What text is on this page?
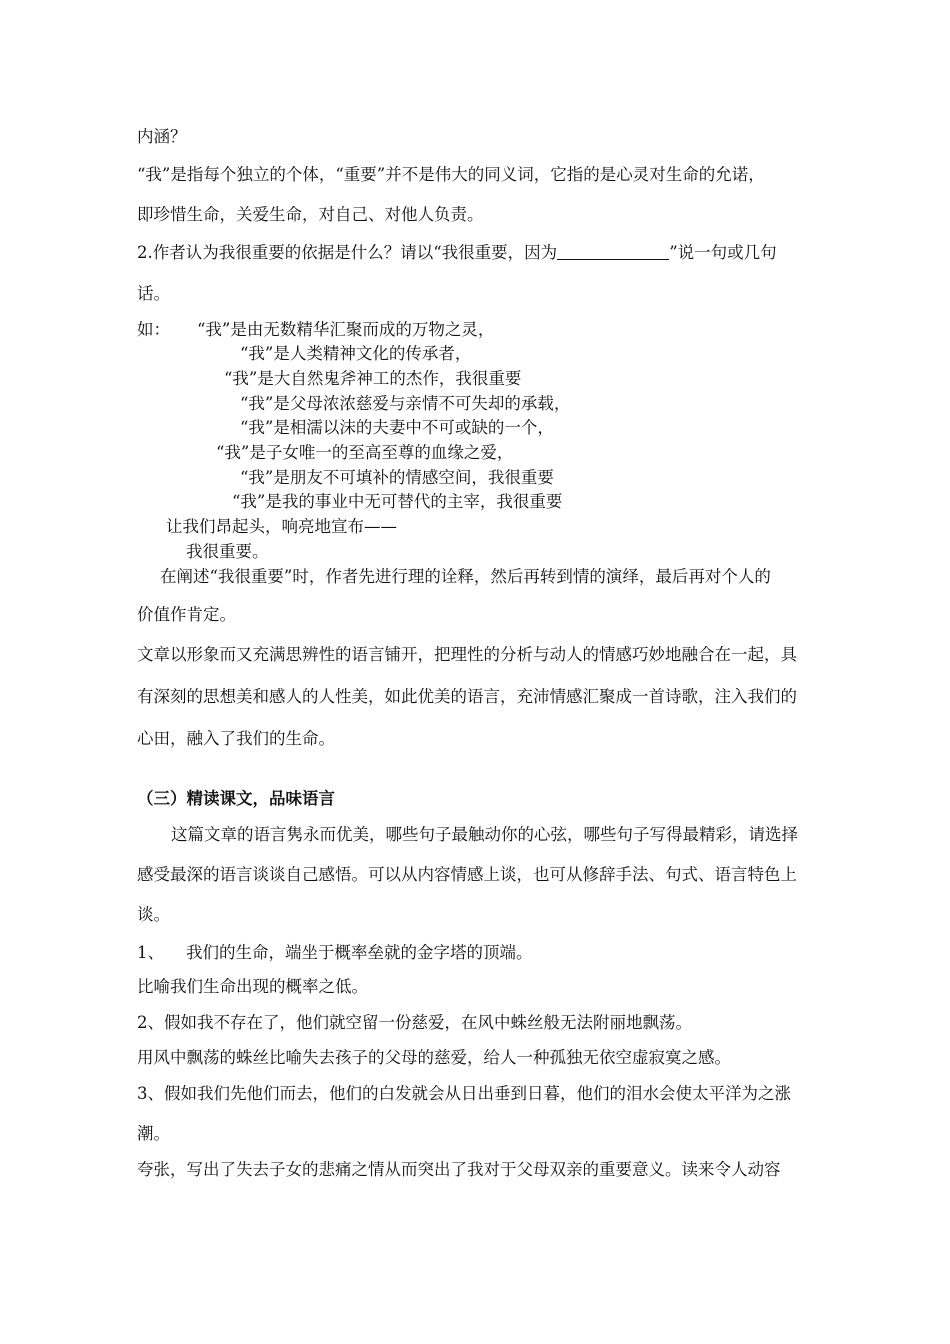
内涵？
“我”是指每个独立的个体，“重要”并不是伟大的同义词，它指的是心灵对生命的允诺，
即珍惜生命，关爱生命，对自己、对他人负责。
2.作者认为我很重要的依据是什么？请以“我很重要，因为	”说一句或几句
话。
如： “我”是由无数精华汇聚而成的万物之灵，
“我”是人类精神文化的传承者，
“我”是大自然鬼斧神工的杰作，我很重要
“我”是父母浓浓慈爱与亲情不可失却的承载，
“我”是相濡以沫的夫妻中不可或缺的一个，
“我”是子女唯一的至高至尊的血缘之爱，
“我”是朋友不可填补的情感空间，我很重要
“我”是我的事业中无可替代的主宰，我很重要
让我们昂起头，响亮地宣布——
我很重要。
在阐述“我很重要”时，作者先进行理的诠释，然后再转到情的演绎，最后再对个人的
价值作肯定。
文章以形象而又充满思辨性的语言铺开，把理性的分析与动人的情感巧妙地融合在一起，具
有深刻的思想美和感人的人性美，如此优美的语言，充沛情感汇聚成一首诗歌，注入我们的
心田，融入了我们的生命。
（三）精读课文，品味语言
这篇文章的语言隽永而优美，哪些句子最触动你的心弦，哪些句子写得最精彩，请选择
感受最深的语言谈谈自己感悟。可以从内容情感上谈，也可从修辞手法、句式、语言特色上
谈。
1、 我们的生命，端坐于概率垒就的金字塔的顶端。
比喻我们生命出现的概率之低。
2、假如我不存在了，他们就空留一份慈爱，在风中蛛丝般无法附丽地飘荡。
用风中飘荡的蛛丝比喻失去孩子的父母的慈爱，给人一种孤独无依空虚寂寞之感。
3、假如我们先他们而去，他们的白发就会从日出垂到日暮，他们的泪水会使太平洋为之涨
潮。
夸张，写出了失去子女的悲痛之情从而突出了我对于父母双亲的重要意义。读来令人动容
